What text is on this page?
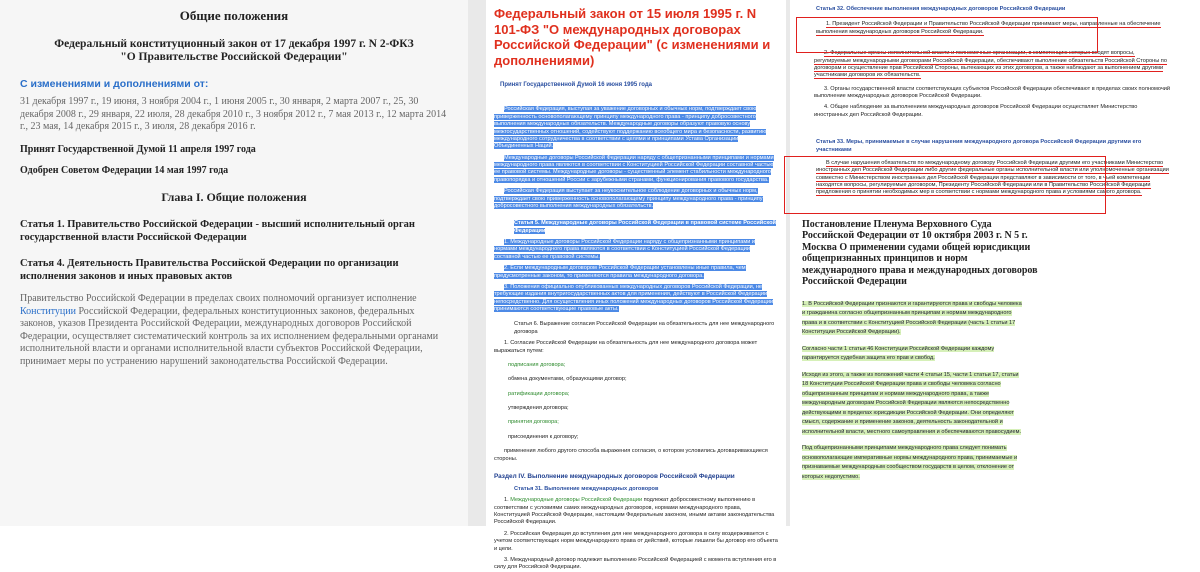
Общие положения
Федеральный конституционный закон от 17 декабря 1997 г. N 2-ФКЗ
"О Правительстве Российской Федерации"
С изменениями и дополнениями от:

31 декабря 1997 г., 19 июня, 3 ноября 2004 г., 1 июня 2005 г., 30 января, 2 марта 2007 г., 25, 30 декабря 2008 г., 29 января, 22 июля, 28 декабря 2010 г., 3 ноября 2012 г., 7 мая 2013 г., 12 марта 2014 г., 23 мая, 14 декабря 2015 г., 3 июля, 28 декабря 2016 г.

Принят Государственной Думой 11 апреля 1997 года

Одобрен Советом Федерации 14 мая 1997 года

Глава I. Общие положения

Статья 1. Правительство Российской Федерации - высший исполнительный орган государственной власти Российской Федерации

Статья 4. Деятельность Правительства Российской Федерации по организации исполнения законов и иных правовых актов

Правительство Российской Федерации в пределах своих полномочий организует исполнение Конституции Российской Федерации, федеральных конституционных законов, федеральных законов, указов Президента Российской Федерации, международных договоров Российской Федерации, осуществляет систематический контроль за их исполнением федеральными органами исполнительной власти и органами исполнительной власти субъектов Российской Федерации, принимает меры по устранению нарушений законодательства Российской Федерации.

Федеральный закон от 15 июля 1995 г. N 101-ФЗ "О международных договорах Российской Федерации" (с изменениями и дополнениями)
Принят Государственной Думой 16 июня 1995 года

Российская Федерация, выступая за уважение договорных и обычных норм, подтверждает свою приверженность основополагающему принципу международного права - принципу добросовестного выполнения международных обязательств. Международные договоры образуют правовую основу межгосударственных отношений, содействуют поддержанию всеобщего мира и безопасности, развитию международного сотрудничества в соответствии с целями и принципами Устава Организации Объединенных Наций.

Международные договоры Российской Федерации наряду с общепризнанными принципами и нормами международного права являются в соответствии с Конституцией Российской Федерации составной частью ее правовой системы. Международные договоры - существенный элемент стабильности международного правопорядка и отношений России с зарубежными странами, функционирования правового государства.

Российская Федерация выступает за неукоснительное соблюдение договорных и обычных норм, подтверждает свою приверженность основополагающему принципу международного права - принципу добросовестного выполнения международных обязательств.

Статья 5. Международные договоры Российской Федерации в правовой системе Российской Федерации

1. Международные договоры Российской Федерации наряду с общепризнанными принципами и нормами международного права являются в соответствии с Конституцией Российской Федерации составной частью ее правовой системы.

2. Если международным договором Российской Федерации установлены иные правила, чем предусмотренные законом, то применяются правила международного договора.

3. Положения официально опубликованных международных договоров Российской Федерации, не требующие издания внутригосударственных актов для применения, действуют в Российской Федерации непосредственно. Для осуществления иных положений международных договоров Российской Федерации принимаются соответствующие правовые акты.

Статья 6. Выражение согласия Российской Федерации на обязательность для нее международного договора

1. Согласие Российской Федерации на обязательность для нее международного договора может выражаться путем:

подписания договора;

обмена документами, образующими договор;

ратификации договора;

утверждения договора;

принятия договора;

присоединения к договору;

применения любого другого способа выражения согласия, о котором условились договаривающиеся стороны.

Раздел IV. Выполнение международных договоров Российской Федерации

Статья 31. Выполнение международных договоров

1. Международные договоры Российской Федерации подлежат добросовестному выполнению в соответствии с условиями самих международных договоров, нормами международного права, Конституцией Российской Федерации, настоящим Федеральным законом, иными актами законодательства Российской Федерации.

2. Российская Федерация до вступления для нее международного договора в силу воздерживается с учетом соответствующих норм международного права от действий, которые лишили бы договор его объекта и цели.

3. Международный договор подлежит выполнению Российской Федерацией с момента вступления его в силу для Российской Федерации.

Статья 32. Обеспечение выполнения международных договоров Российской Федерации

1. Президент Российской Федерации и Правительство Российской Федерации принимают меры, направленные на обеспечение выполнения международных договоров Российской Федерации.

2. Федеральные органы исполнительной власти и полномочные организации, в компетенцию которых входят вопросы, регулируемые международными договорами Российской Федерации, обеспечивают выполнение обязательств Российской Стороны по договорам и осуществление прав Российской Стороны, вытекающих из этих договоров, а также наблюдают за выполнением другими участниками договоров их обязательств.

3. Органы государственной власти соответствующих субъектов Российской Федерации обеспечивают в пределах своих полномочий выполнение международных договоров Российской Федерации.

4. Общее наблюдение за выполнением международных договоров Российской Федерации осуществляет Министерство иностранных дел Российской Федерации.

Статья 33. Меры, принимаемые в случае нарушения международного договора Российской Федерации другими его участниками

В случае нарушения обязательств по международному договору Российской Федерации другими его участниками Министерство иностранных дел Российской Федерации либо другие федеральные органы исполнительной власти или уполномоченные организации совместно с Министерством иностранных дел Российской Федерации представляют в зависимости от того, в чьей компетенции находятся вопросы, регулируемые договором, Президенту Российской Федерации или в Правительство Российской Федерации предложения о принятии необходимых мер в соответствии с нормами международного права и условиями самого договора.

Постановление Пленума Верховного Суда Российской Федерации от 10 октября 2003 г. N 5 г. Москва О применении судами общей юрисдикции общепризнанных принципов и норм международного права и международных договоров Российской Федерации

1. В Российской Федерации признаются и гарантируются права и свободы человека и гражданина согласно общепризнанным принципам и нормам международного права и в соответствии с Конституцией Российской Федерации (часть 1 статьи 17 Конституции Российской Федерации).

Согласно части 1 статьи 46 Конституции Российской Федерации каждому гарантируется судебная защита его прав и свобод.

Исходя из этого, а также из положений части 4 статьи 15, части 1 статьи 17, статьи 18 Конституции Российской Федерации права и свободы человека согласно общепризнанным принципам и нормам международного права, а также международным договорам Российской Федерации являются непосредственно действующими в пределах юрисдикции Российской Федерации. Они определяют смысл, содержание и применение законов, деятельность законодательной и исполнительной власти, местного самоуправления и обеспечиваются правосудием.

Под общепризнанными принципами международного права следует понимать основополагающие императивные нормы международного права, принимаемые и признаваемые международным сообществом государств в целом, отклонение от которых недопустимо.
